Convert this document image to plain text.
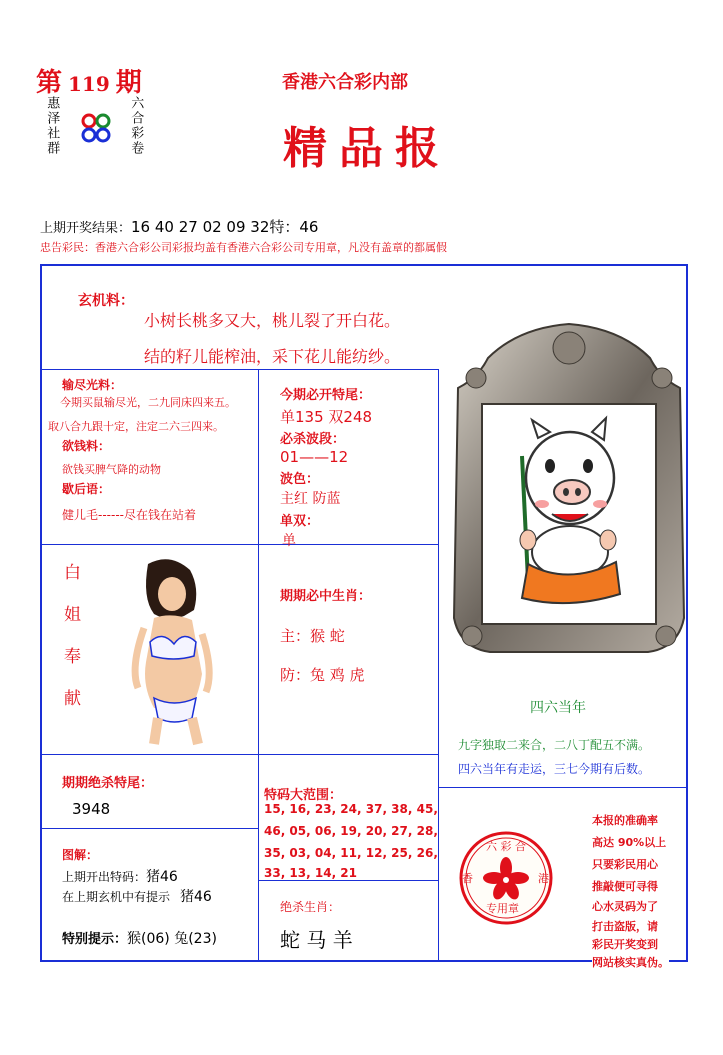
第 119 期
惠泽社群	六合彩卷
香港六合彩内部
精品报
上期开奖结果：16 40 27 02 09 32特：46
忠告彩民：香港六合彩公司彩报均盖有香港六合彩公司专用章，凡没有盖章的都属假
玄机料：
小树长桃多又大，桃儿裂了开白花。
结的籽儿能榨油，采下花儿能纺纱。
输尽光料：
今期买鼠输尽光，二九同床四来五。
取八合九跟十定，注定二六三四来。
欲钱料：
欲钱买脾气降的动物
歇后语：
健儿毛------尽在钱在站着
今期必开特尾：
单135 双248
必杀波段：
01——12
波色：
主红 防蓝
单双：
单
四六当年
白
姐
奉
献
期期必中生肖：
主：猴 蛇
防：兔 鸡 虎
九字独取二来合，二八丁配五不满。
四六当年有走运，三七今期有后数。
期期绝杀特尾：
3948
图解：
上期开出特码：猪46
在上期玄机中有提示 猪46
特别提示：猴(06) 兔(23)
特码大范围：
15, 16, 23, 24, 37, 38, 45,
46, 05, 06, 19, 20, 27, 28,
35, 03, 04, 11, 12, 25, 26,
33, 13, 14, 21
绝杀生肖：
蛇 马 羊
六 彩 合
香	港
专用章
本报的准确率
高达 90%以上
只要彩民用心
推敲便可寻得
心水灵码为了
打击盗版，请
彩民开奖变到
网站核实真伪。
